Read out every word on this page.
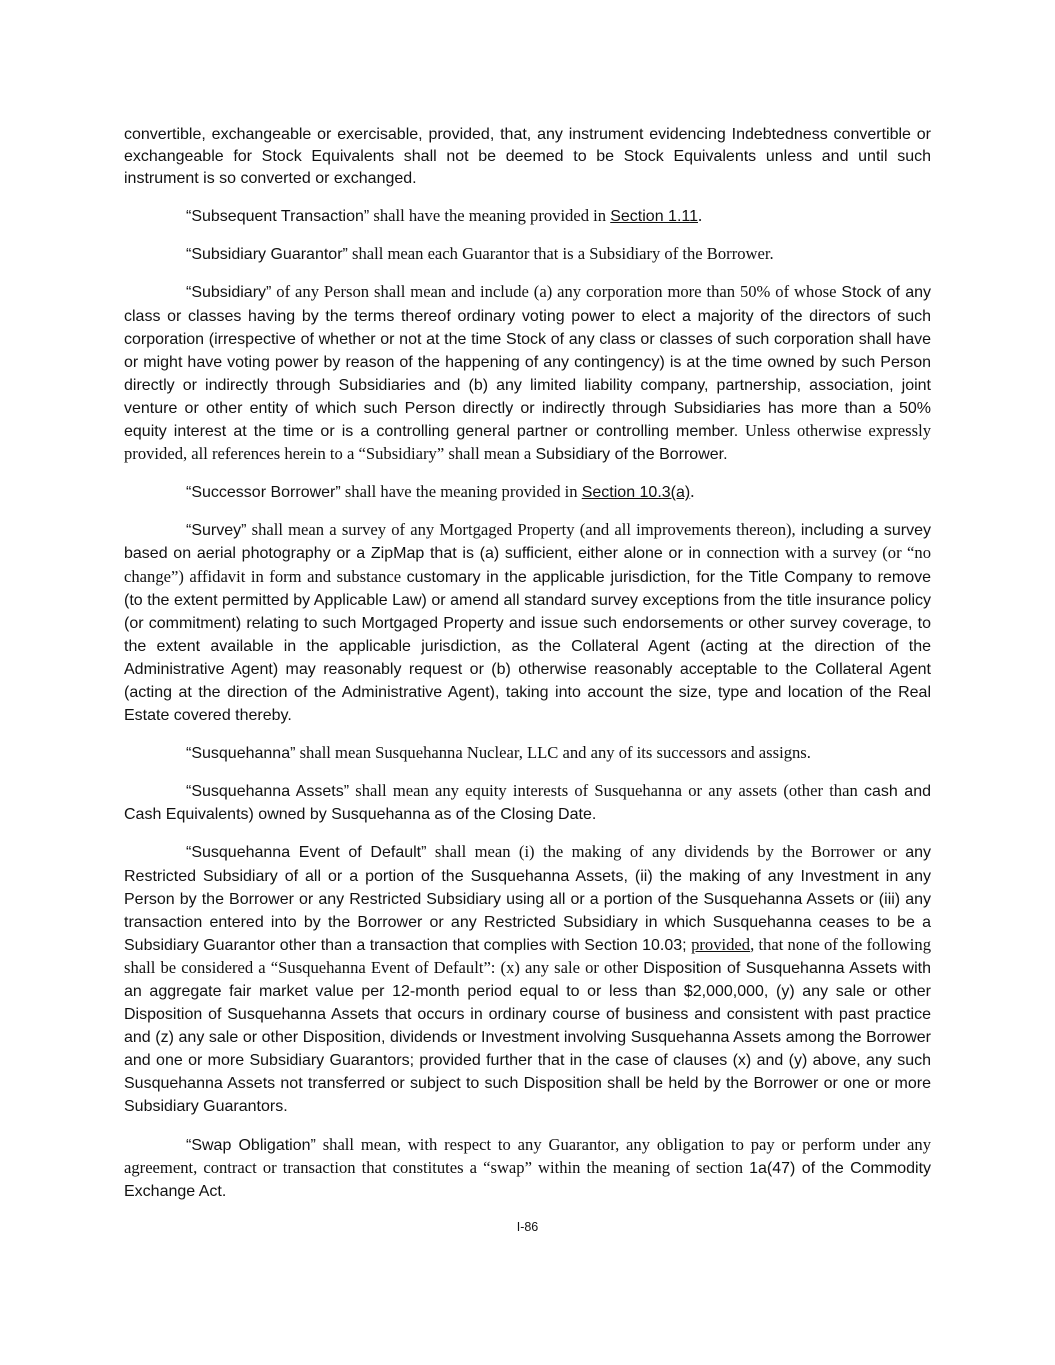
convertible, exchangeable or exercisable, provided, that, any instrument evidencing Indebtedness convertible or exchangeable for Stock Equivalents shall not be deemed to be Stock Equivalents unless and until such instrument is so converted or exchanged.

“Subsequent Transaction” shall have the meaning provided in Section 1.11.

“Subsidiary Guarantor” shall mean each Guarantor that is a Subsidiary of the Borrower.

“Subsidiary” of any Person shall mean and include (a) any corporation more than 50% of whose Stock of any class or classes having by the terms thereof ordinary voting power to elect a majority of the directors of such corporation (irrespective of whether or not at the time Stock of any class or classes of such corporation shall have or might have voting power by reason of the happening of any contingency) is at the time owned by such Person directly or indirectly through Subsidiaries and (b) any limited liability company, partnership, association, joint venture or other entity of which such Person directly or indirectly through Subsidiaries has more than a 50% equity interest at the time or is a controlling general partner or controlling member. Unless otherwise expressly provided, all references herein to a “Subsidiary” shall mean a Subsidiary of the Borrower.

“Successor Borrower” shall have the meaning provided in Section 10.3(a).

“Survey” shall mean a survey of any Mortgaged Property (and all improvements thereon), including a survey based on aerial photography or a ZipMap that is (a) sufficient, either alone or in connection with a survey (or “no change”) affidavit in form and substance customary in the applicable jurisdiction, for the Title Company to remove (to the extent permitted by Applicable Law) or amend all standard survey exceptions from the title insurance policy (or commitment) relating to such Mortgaged Property and issue such endorsements or other survey coverage, to the extent available in the applicable jurisdiction, as the Collateral Agent (acting at the direction of the Administrative Agent) may reasonably request or (b) otherwise reasonably acceptable to the Collateral Agent (acting at the direction of the Administrative Agent), taking into account the size, type and location of the Real Estate covered thereby.

“Susquehanna” shall mean Susquehanna Nuclear, LLC and any of its successors and assigns.

“Susquehanna Assets” shall mean any equity interests of Susquehanna or any assets (other than cash and Cash Equivalents) owned by Susquehanna as of the Closing Date.

“Susquehanna Event of Default” shall mean (i) the making of any dividends by the Borrower or any Restricted Subsidiary of all or a portion of the Susquehanna Assets, (ii) the making of any Investment in any Person by the Borrower or any Restricted Subsidiary using all or a portion of the Susquehanna Assets or (iii) any transaction entered into by the Borrower or any Restricted Subsidiary in which Susquehanna ceases to be a Subsidiary Guarantor other than a transaction that complies with Section 10.03; provided, that none of the following shall be considered a “Susquehanna Event of Default”: (x) any sale or other Disposition of Susquehanna Assets with an aggregate fair market value per 12-month period equal to or less than $2,000,000, (y) any sale or other Disposition of Susquehanna Assets that occurs in ordinary course of business and consistent with past practice and (z) any sale or other Disposition, dividends or Investment involving Susquehanna Assets among the Borrower and one or more Subsidiary Guarantors; provided further that in the case of clauses (x) and (y) above, any such Susquehanna Assets not transferred or subject to such Disposition shall be held by the Borrower or one or more Subsidiary Guarantors.

“Swap Obligation” shall mean, with respect to any Guarantor, any obligation to pay or perform under any agreement, contract or transaction that constitutes a “swap” within the meaning of section 1a(47) of the Commodity Exchange Act.

I-86
